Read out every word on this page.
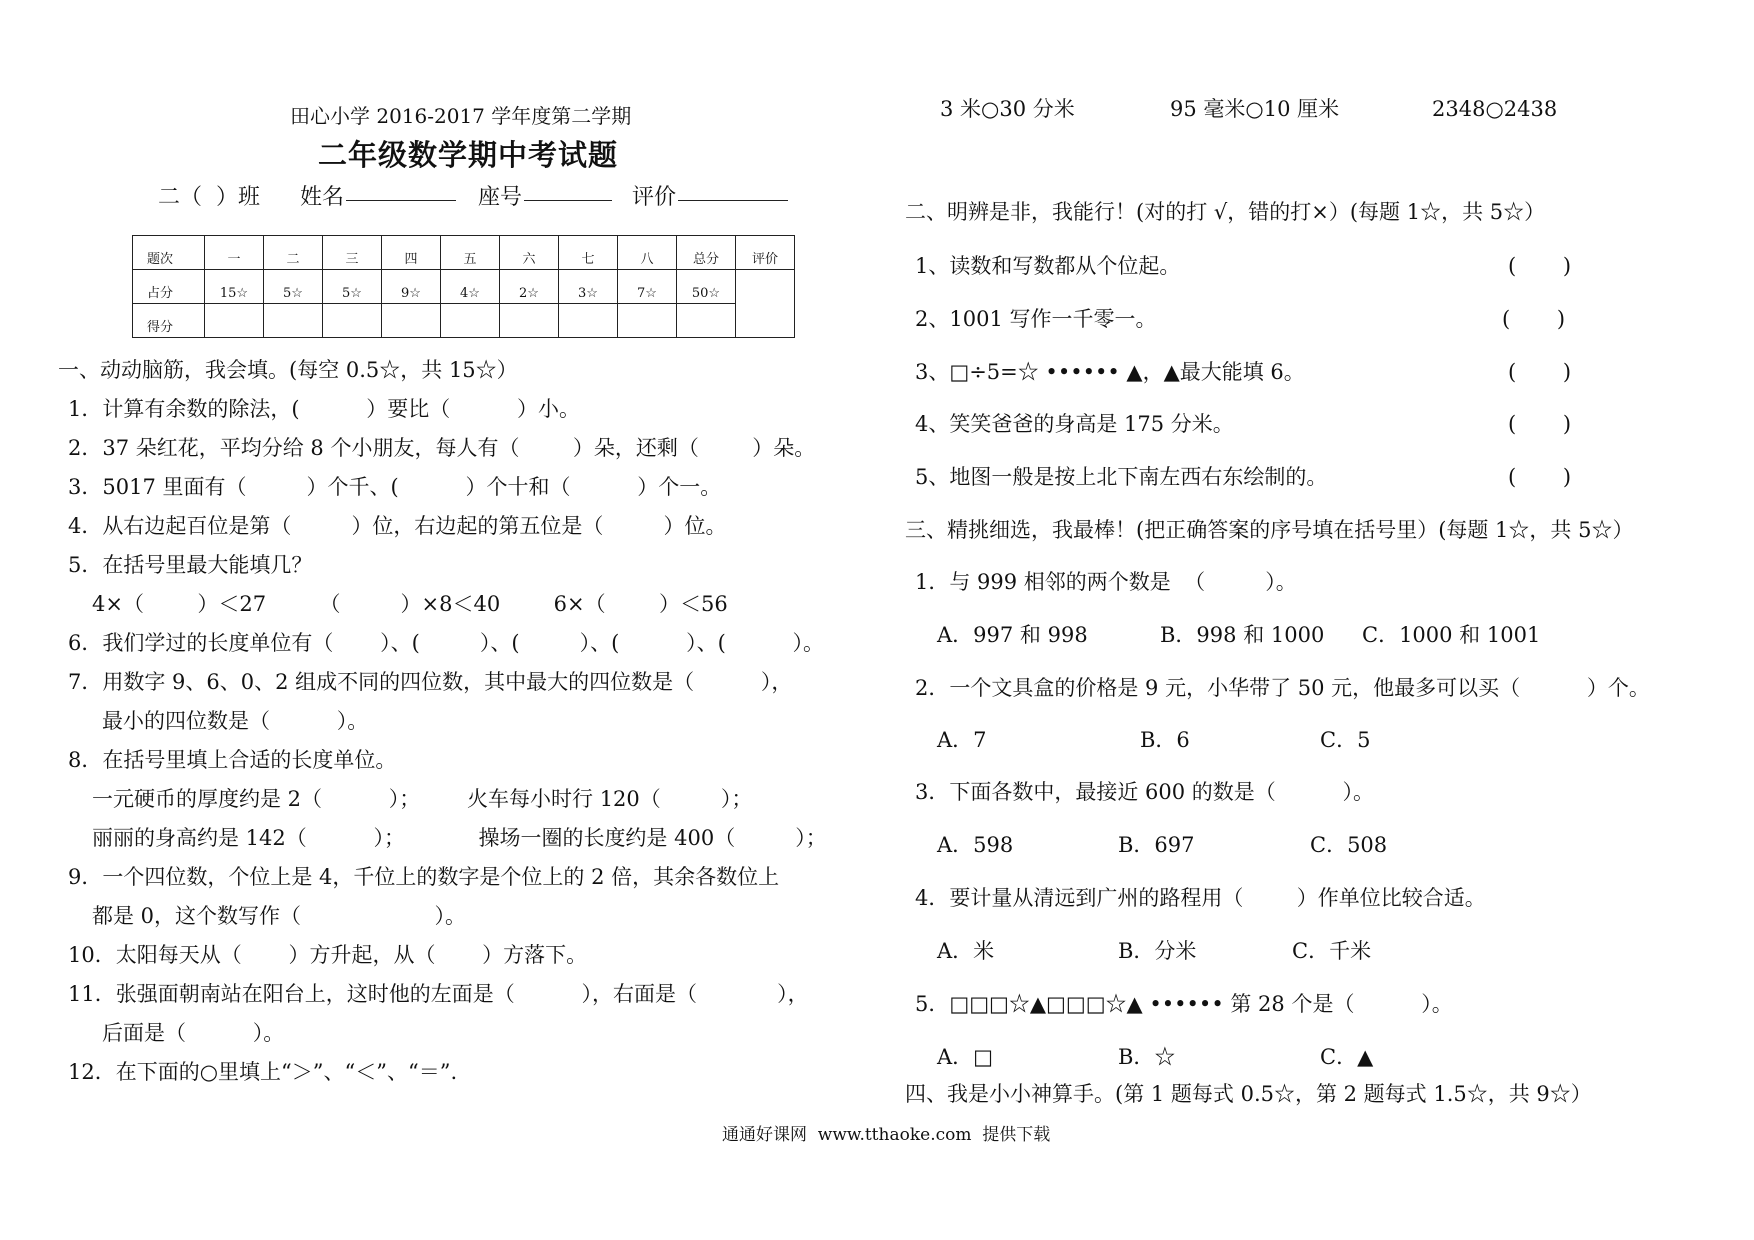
田心小学 2016-2017 学年度第二学期
二年级数学期中考试题
二（  ）班 姓名	座号	评价
题次	一	二	三	四	五	六	七	八	总分	评价
占分	15☆	5☆	5☆	9☆	4☆	2☆	3☆	7☆	50☆	
得分										
一、动动脑筋，我会填。(每空 0.5☆，共 15☆）
1．计算有余数的除法，(          ）要比（          ）小。
2．37 朵红花，平均分给 8 个小朋友，每人有（        ）朵，还剩（        ）朵。
3．5017 里面有（         ）个千、(          ）个十和（          ）个一。
4．从右边起百位是第（         ）位，右边起的第五位是（         ）位。
5．在括号里最大能填几？
4×（        ）＜27        （         ）×8＜40        6×（        ）＜56
6．我们学过的长度单位有（       ）、(         ）、(         ）、(          ）、(          ）。
7．用数字 9、6、0、2 组成不同的四位数，其中最大的四位数是（          ），
最小的四位数是（          ）。
8．在括号里填上合适的长度单位。
一元硬币的厚度约是 2（          ）；       火车每小时行 120（         ）；
丽丽的身高约是 142（          ）；           操场一圈的长度约是 400（         ）；
9．一个四位数，个位上是 4，千位上的数字是个位上的 2 倍，其余各数位上
都是 0，这个数写作（                    ）。
10．太阳每天从（       ）方升起，从（       ）方落下。
11．张强面朝南站在阳台上，这时他的左面是（          ），右面是（            ），
后面是（          ）。
12．在下面的○里填上“＞”、“＜”、“＝”.
3 米○30 分米	95 毫米○10 厘米	2348○2438
二、明辨是非，我能行！(对的打 √，错的打×）(每题 1☆，共 5☆）
1、读数和写数都从个位起。	(       )
2、1001 写作一千零一。	(       )
3、□÷5=☆ •••••• ▲，▲最大能填 6。	(       )
4、笑笑爸爸的身高是 175 分米。	(       )
5、地图一般是按上北下南左西右东绘制的。	(       )
三、精挑细选，我最棒！(把正确答案的序号填在括号里）(每题 1☆，共 5☆）
1．与 999 相邻的两个数是  （         ）。
A．997 和 998	B．998 和 1000 C．1000 和 1001
2．一个文具盒的价格是 9 元，小华带了 50 元，他最多可以买（          ）个。
A．7	B．6	C．5
3．下面各数中，最接近 600 的数是（          ）。
A．598	B．697	C．508
4．要计量从清远到广州的路程用（        ）作单位比较合适。
A．米	B．分米	C．千米
5．□□□☆▲□□□☆▲ •••••• 第 28 个是（          ）。
A．□	B．☆	C．▲
四、我是小小神算手。(第 1 题每式 0.5☆，第 2 题每式 1.5☆，共 9☆）
通通好课网  www.tthaoke.com  提供下载
